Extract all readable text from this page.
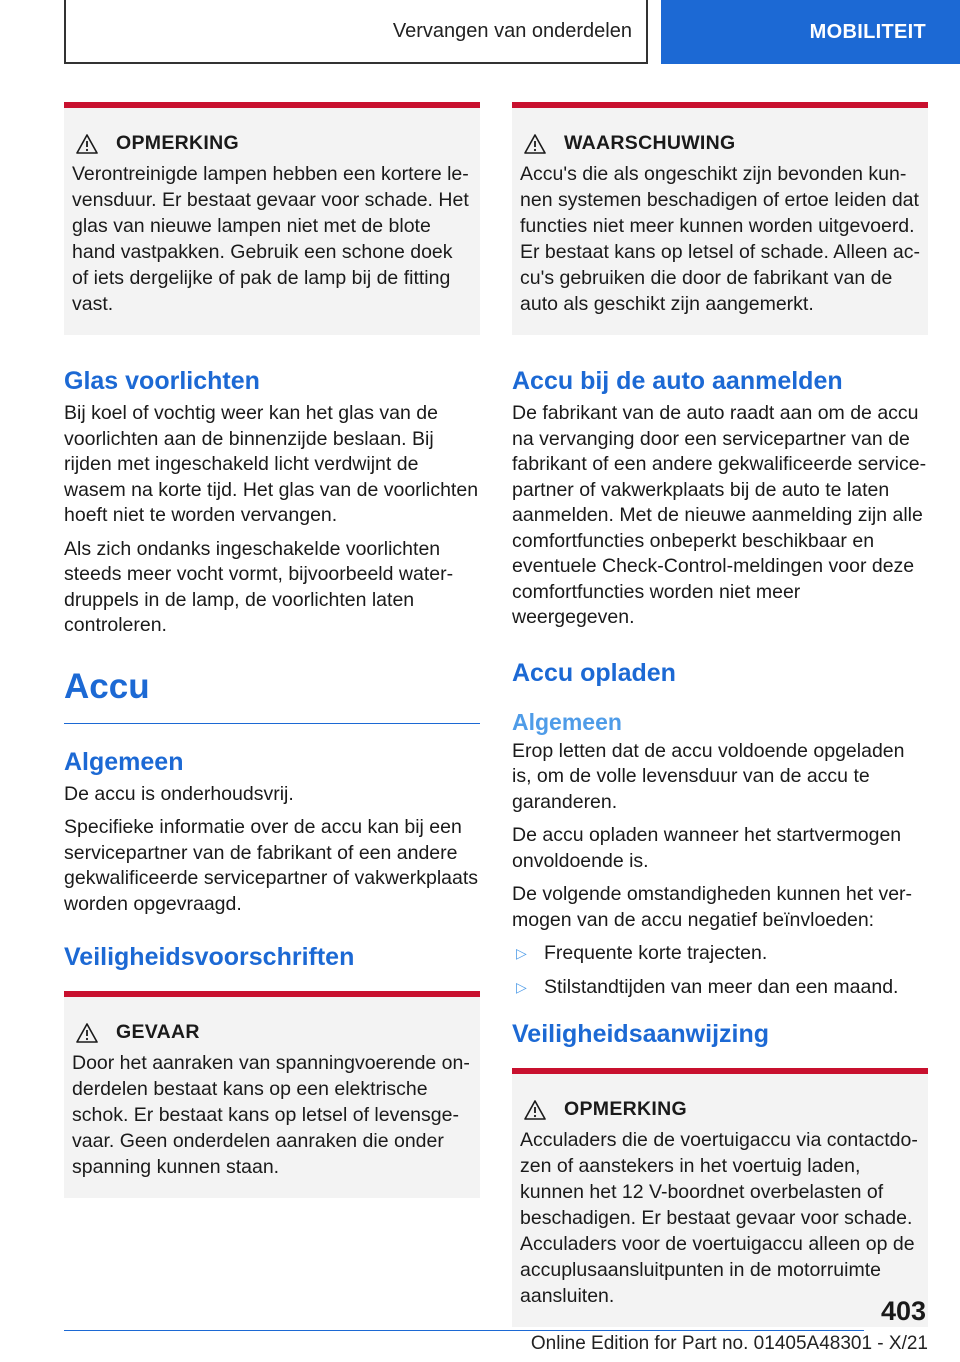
Vervangen van onderdelen	MOBILITEIT
OPMERKING

Verontreinigde lampen hebben een kortere levensduur. Er bestaat gevaar voor schade. Het glas van nieuwe lampen niet met de blote hand vastpakken. Gebruik een schone doek of iets dergelijke of pak de lamp bij de fitting vast.

Glas voorlichten

Bij koel of vochtig weer kan het glas van de voorlichten aan de binnenzijde beslaan. Bij rijden met ingeschakeld licht verdwijnt de wasem na korte tijd. Het glas van de voorlichten hoeft niet te worden vervangen.

Als zich ondanks ingeschakelde voorlichten steeds meer vocht vormt, bijvoorbeeld waterdruppels in de lamp, de voorlichten laten controleren.

Accu
Algemeen

De accu is onderhoudsvrij.

Specifieke informatie over de accu kan bij een servicepartner van de fabrikant of een andere gekwalificeerde servicepartner of vakwerkplaats worden opgevraagd.

Veiligheidsvoorschriften
GEVAAR

Door het aanraken van spanningvoerende onderdelen bestaat kans op een elektrische schok. Er bestaat kans op letsel of levensgevaar. Geen onderdelen aanraken die onder spanning kunnen staan.

WAARSCHUWING

Accu's die als ongeschikt zijn bevonden kunnen systemen beschadigen of ertoe leiden dat functies niet meer kunnen worden uitgevoerd. Er bestaat kans op letsel of schade. Alleen accu's gebruiken die door de fabrikant van de auto als geschikt zijn aangemerkt.

Accu bij de auto aanmelden

De fabrikant van de auto raadt aan om de accu na vervanging door een servicepartner van de fabrikant of een andere gekwalificeerde servicepartner of vakwerkplaats bij de auto te laten aanmelden. Met de nieuwe aanmelding zijn alle comfortfuncties onbeperkt beschikbaar en eventuele Check-Control-meldingen voor deze comfortfuncties worden niet meer weergegeven.

Accu opladen
Algemeen

Erop letten dat de accu voldoende opgeladen is, om de volle levensduur van de accu te garanderen.

De accu opladen wanneer het startvermogen onvoldoende is.

De volgende omstandigheden kunnen het vermogen van de accu negatief beïnvloeden:

▷ Frequente korte trajecten.
▷ Stilstandtijden van meer dan een maand.
Veiligheidsaanwijzing
OPMERKING

Acculaders die de voertuigaccu via contactdozen of aanstekers in het voertuig laden, kunnen het 12 V-boordnet overbelasten of beschadigen. Er bestaat gevaar voor schade. Acculaders voor de voertuigaccu alleen op de accuplusaansluitpunten in de motorruimte aansluiten.	403
Online Edition for Part no. 01405A48301 - X/21
